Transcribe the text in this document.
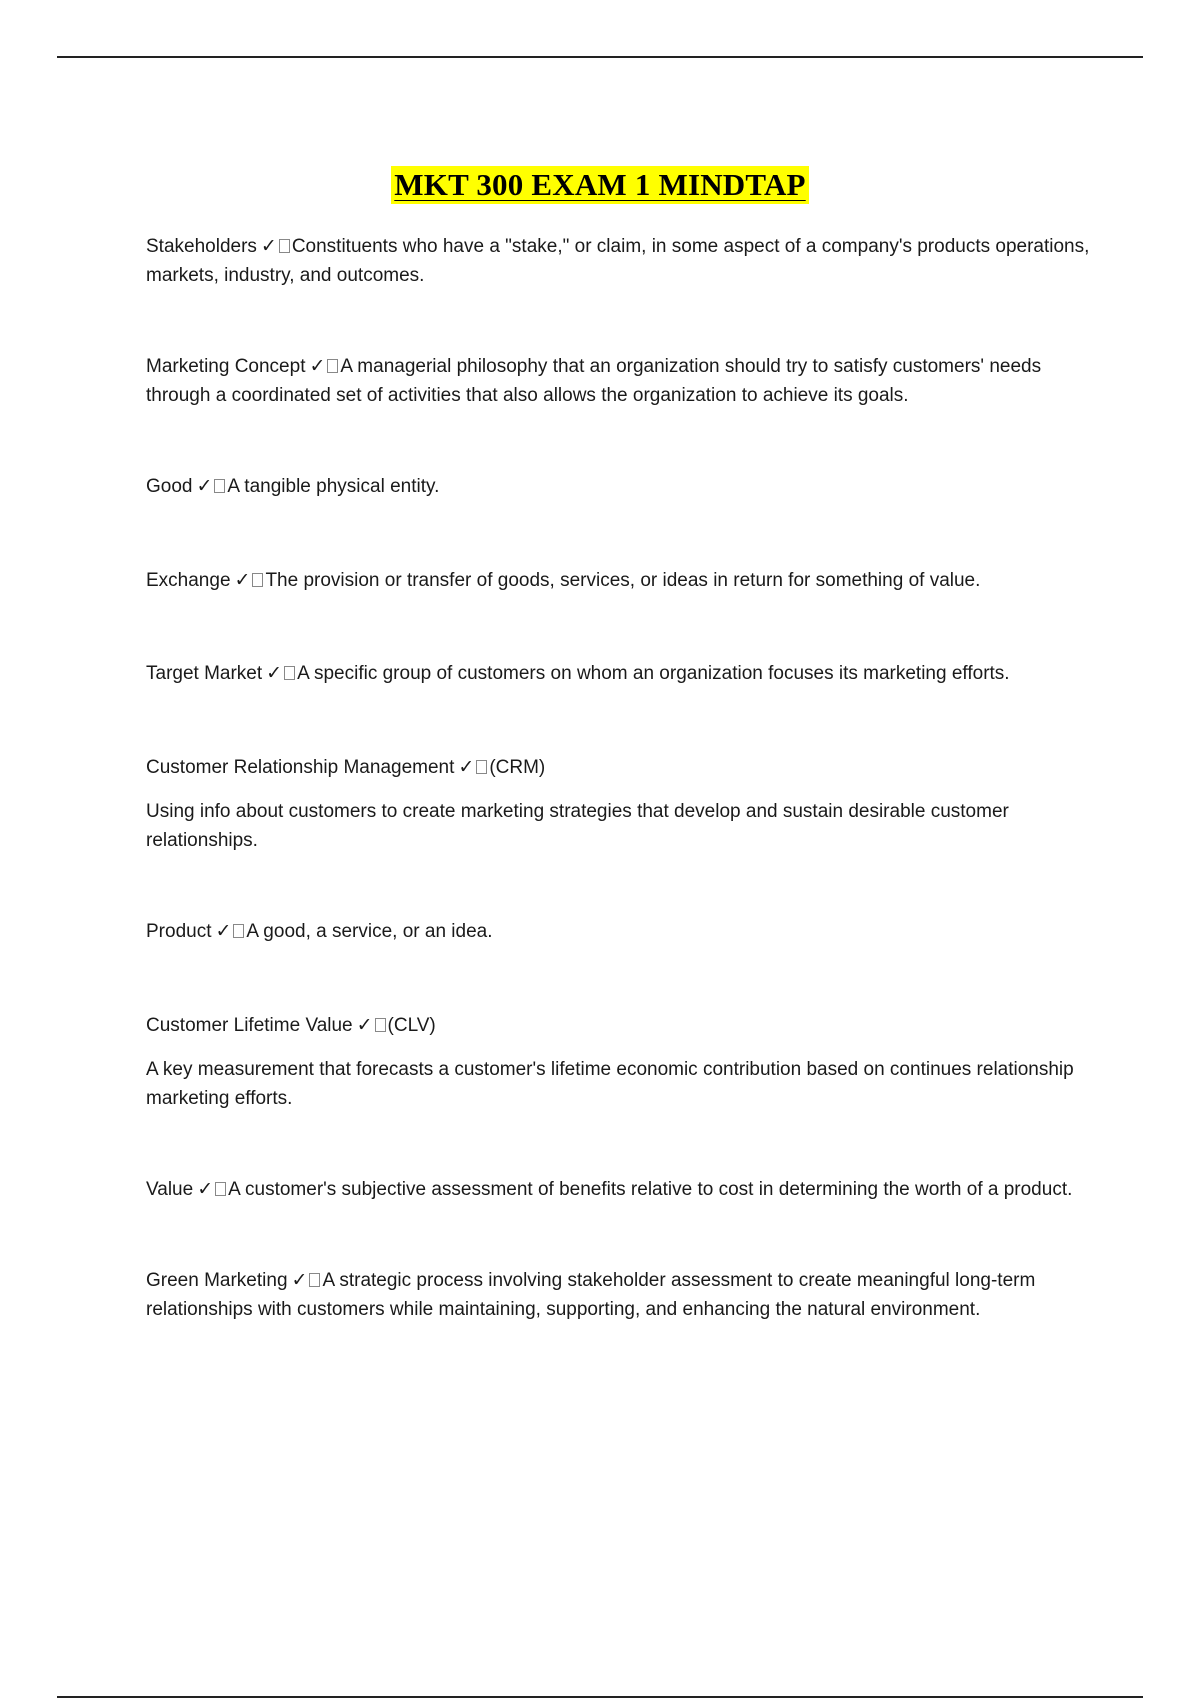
MKT 300 EXAM 1 MINDTAP

Stakeholders ✓ Constituents who have a "stake," or claim, in some aspect of a company's products operations, markets, industry, and outcomes.

Marketing Concept ✓ A managerial philosophy that an organization should try to satisfy customers' needs through a coordinated set of activities that also allows the organization to achieve its goals.

Good ✓ A tangible physical entity.

Exchange ✓ The provision or transfer of goods, services, or ideas in return for something of value.

Target Market ✓ A specific group of customers on whom an organization focuses its marketing efforts.

Customer Relationship Management ✓ (CRM)

Using info about customers to create marketing strategies that develop and sustain desirable customer relationships.

Product ✓ A good, a service, or an idea.

Customer Lifetime Value ✓ (CLV)

A key measurement that forecasts a customer's lifetime economic contribution based on continues relationship marketing efforts.

Value ✓ A customer's subjective assessment of benefits relative to cost in determining the worth of a product.

Green Marketing ✓ A strategic process involving stakeholder assessment to create meaningful long-term relationships with customers while maintaining, supporting, and enhancing the natural environment.
